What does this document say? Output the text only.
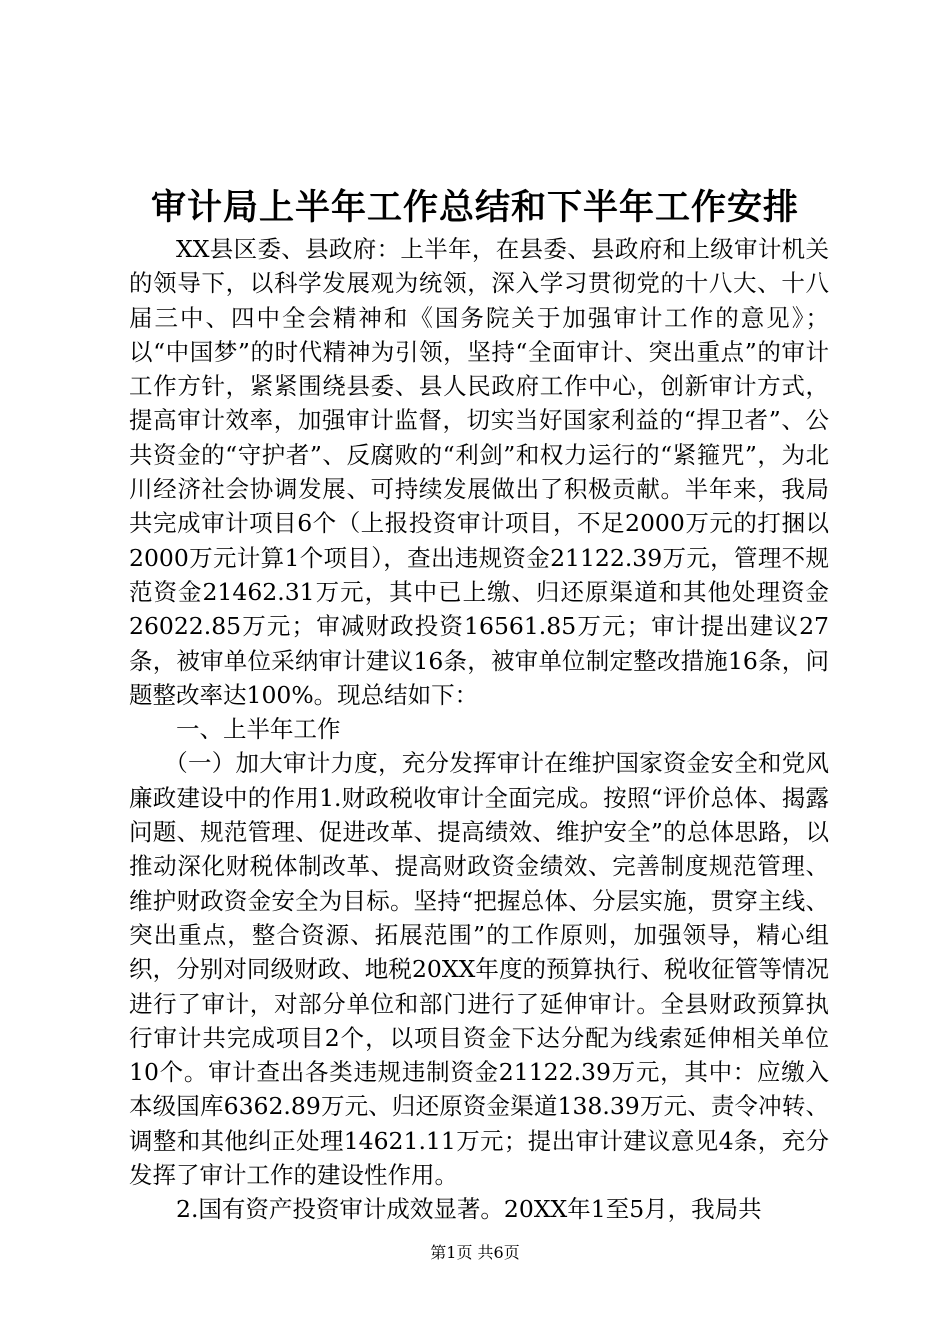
审计局上半年工作总结和下半年工作安排

XX县区委、县政府：上半年，在县委、县政府和上级审计机关的领导下，以科学发展观为统领，深入学习贯彻党的十八大、十八届三中、四中全会精神和《国务院关于加强审计工作的意见》；以“中国梦”的时代精神为引领，坚持“全面审计、突出重点”的审计工作方针，紧紧围绕县委、县人民政府工作中心，创新审计方式，提高审计效率，加强审计监督，切实当好国家利益的“捍卫者”、公共资金的“守护者”、反腐败的“利剑”和权力运行的“紧箍咒”，为北川经济社会协调发展、可持续发展做出了积极贡献。半年来，我局共完成审计项目6个（上报投资审计项目，不足2000万元的打捆以2000万元计算1个项目），查出违规资金21122.39万元，管理不规范资金21462.31万元，其中已上缴、归还原渠道和其他处理资金26022.85万元；审减财政投资16561.85万元；审计提出建议27条，被审单位采纳审计建议16条，被审单位制定整改措施16条，问题整改率达100%。现总结如下：

一、上半年工作

（一）加大审计力度，充分发挥审计在维护国家资金安全和党风廉政建设中的作用1.财政税收审计全面完成。按照“评价总体、揭露问题、规范管理、促进改革、提高绩效、维护安全”的总体思路，以推动深化财税体制改革、提高财政资金绩效、完善制度规范管理、维护财政资金安全为目标。坚持“把握总体、分层实施，贯穿主线、突出重点，整合资源、拓展范围”的工作原则，加强领导，精心组织，分别对同级财政、地税20XX年度的预算执行、税收征管等情况进行了审计，对部分单位和部门进行了延伸审计。全县财政预算执行审计共完成项目2个，以项目资金下达分配为线索延伸相关单位10个。审计查出各类违规违制资金21122.39万元，其中：应缴入本级国库6362.89万元、归还原资金渠道138.39万元、责令冲转、调整和其他纠正处理14621.11万元；提出审计建议意见4条，充分发挥了审计工作的建设性作用。

2.国有资产投资审计成效显著。20XX年1至5月，我局共

第1页 共6页
